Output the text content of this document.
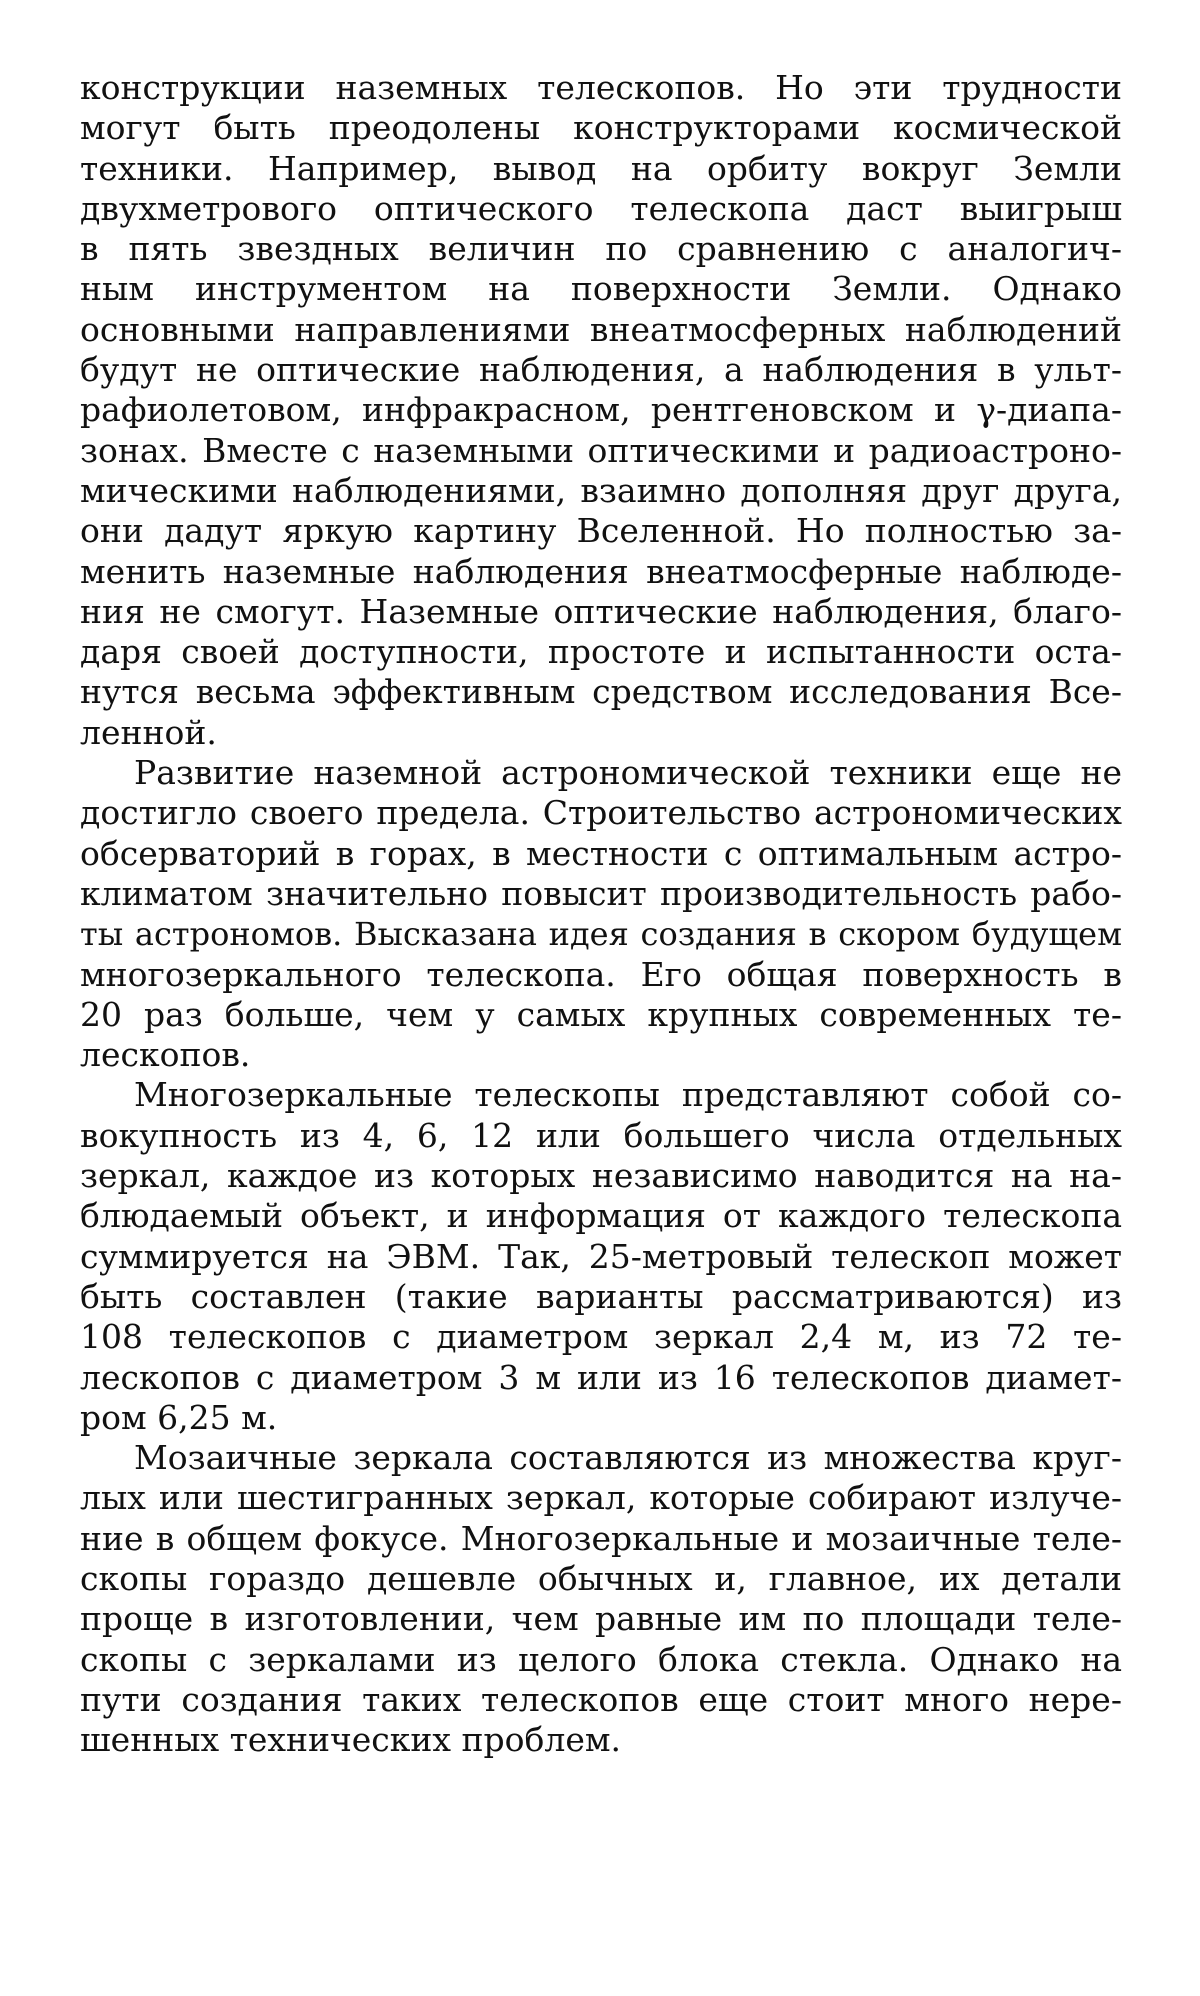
конструкции наземных телескопов. Но эти трудности
могут быть преодолены конструкторами космической
техники. Например, вывод на орбиту вокруг Земли
двухметрового оптического телескопа даст выигрыш
в пять звездных величин по сравнению с аналогич-
ным инструментом на поверхности Земли. Однако
основными направлениями внеатмосферных наблюдений
будут не оптические наблюдения, а наблюдения в ульт-
рафиолетовом, инфракрасном, рентгеновском и γ-диапа-
зонах. Вместе с наземными оптическими и радиоастроно-
мическими наблюдениями, взаимно дополняя друг друга,
они дадут яркую картину Вселенной. Но полностью за-
менить наземные наблюдения внеатмосферные наблюде-
ния не смогут. Наземные оптические наблюдения, благо-
даря своей доступности, простоте и испытанности оста-
нутся весьма эффективным средством исследования Все-
ленной.
Развитие наземной астрономической техники еще не
достигло своего предела. Строительство астрономических
обсерваторий в горах, в местности с оптимальным астро-
климатом значительно повысит производительность рабо-
ты астрономов. Высказана идея создания в скором будущем
многозеркального телескопа. Его общая поверхность в
20 раз больше, чем у самых крупных современных те-
лескопов.
Многозеркальные телескопы представляют собой со-
вокупность из 4, 6, 12 или большего числа отдельных
зеркал, каждое из которых независимо наводится на на-
блюдаемый объект, и информация от каждого телескопа
суммируется на ЭВМ. Так, 25-метровый телескоп может
быть составлен (такие варианты рассматриваются) из
108 телескопов с диаметром зеркал 2,4 м, из 72 те-
лескопов с диаметром 3 м или из 16 телескопов диамет-
ром 6,25 м.
Мозаичные зеркала составляются из множества круг-
лых или шестигранных зеркал, которые собирают излуче-
ние в общем фокусе. Многозеркальные и мозаичные теле-
скопы гораздо дешевле обычных и, главное, их детали
проще в изготовлении, чем равные им по площади теле-
скопы с зеркалами из целого блока стекла. Однако на
пути создания таких телескопов еще стоит много нере-
шенных технических проблем.
